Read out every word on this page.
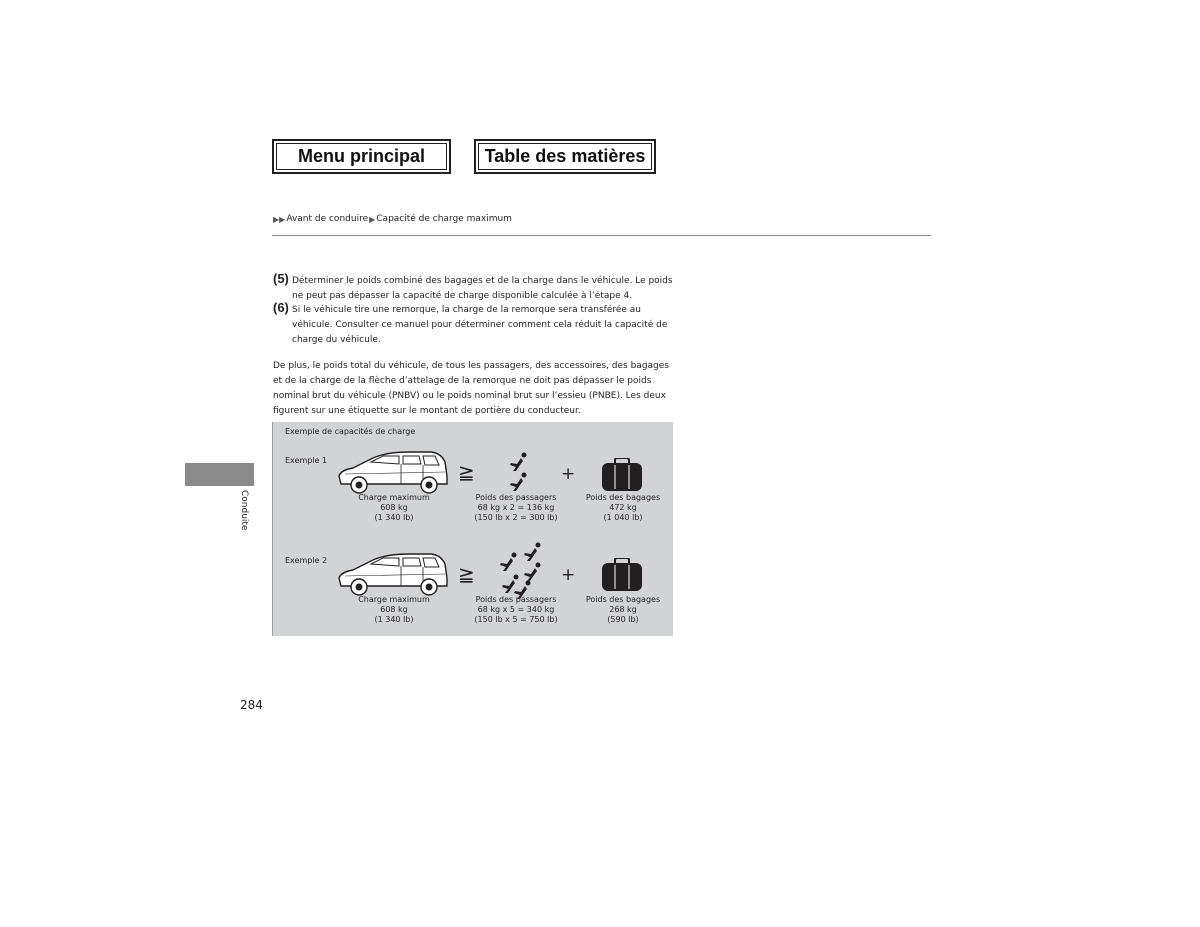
Menu principal	Table des matières
▶▶ Avant de conduire ▶ Capacité de charge maximum
(5) Déterminer le poids combiné des bagages et de la charge dans le véhicule. Le poids ne peut pas dépasser la capacité de charge disponible calculée à l’étape 4.
(6) Si le véhicule tire une remorque, la charge de la remorque sera transférée au véhicule. Consulter ce manuel pour déterminer comment cela réduit la capacité de charge du véhicule.

De plus, le poids total du véhicule, de tous les passagers, des accessoires, des bagages et de la charge de la flèche d’attelage de la remorque ne doit pas dépasser le poids nominal brut du véhicule (PNBV) ou le poids nominal brut sur l’essieu (PNBE). Les deux figurent sur une étiquette sur le montant de portière du conducteur.

Conduite
Exemple de capacités de charge
Exemple 1	≧	+
Charge maximum
608 kg
(1 340 lb)
Poids des passagers
68 kg x 2 = 136 kg
(150 lb x 2 = 300 lb)
Poids des bagages
472 kg
(1 040 lb)
Exemple 2
≧	+
Charge maximum
608 kg
(1 340 lb)
Poids des passagers
68 kg x 5 = 340 kg
(150 lb x 5 = 750 lb)
Poids des bagages
268 kg
(590 lb)
284
